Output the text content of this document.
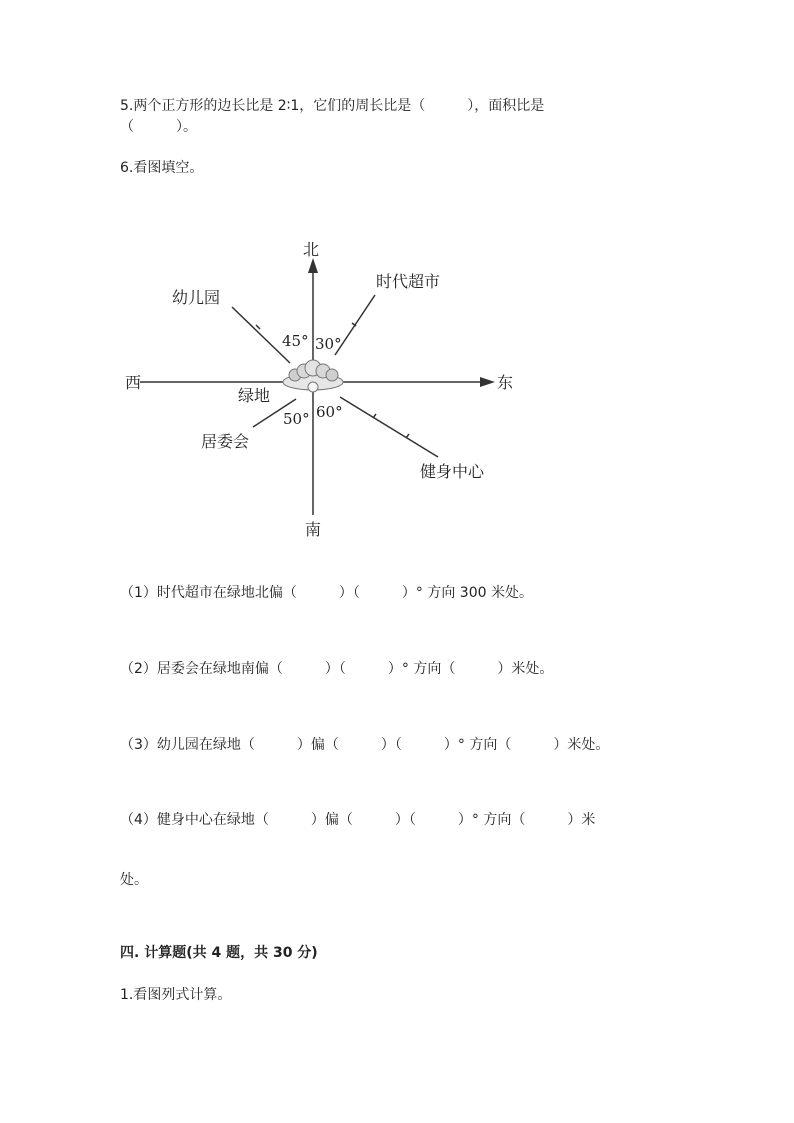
5.两个正方形的边长比是 2∶1，它们的周长比是（　　　），面积比是
（　　　）。
6.看图填空。
北
南
西	东
时代超市
幼儿园
绿地
居委会
健身中心
45° 30°
50° 60°
（1）时代超市在绿地北偏（　　　）（　　　）° 方向 300 米处。
（2）居委会在绿地南偏（　　　）（　　　）° 方向（　　　）米处。
（3）幼儿园在绿地（　　　）偏（　　　）（　　　）° 方向（　　　）米处。
（4）健身中心在绿地（　　　）偏（　　　）（　　　）° 方向（　　　）米
处。
四. 计算题(共 4 题，共 30 分)
1.看图列式计算。
